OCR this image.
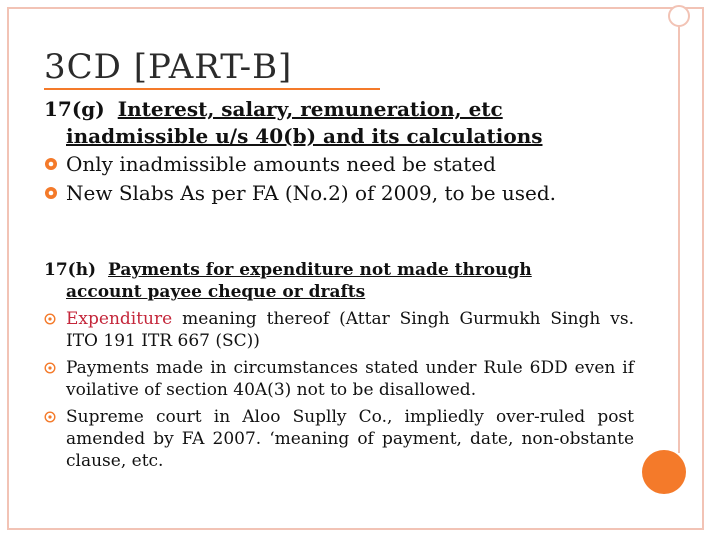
3CD [PART-B]
17(g) Interest, salary, remuneration, etc
inadmissible u/s 40(b) and its calculations
Only inadmissible amounts need be stated
New Slabs As per FA (No.2) of 2009, to be used.
17(h) Payments for expenditure not made through
account payee cheque or drafts
Expenditure meaning thereof (Attar Singh Gurmukh Singh vs. ITO 191 ITR 667 (SC))
Payments made in circumstances stated under Rule 6DD even if voilative of section 40A(3) not to be disallowed.
Supreme court in Aloo Suplly Co., impliedly over-ruled post amended by FA 2007. ‘meaning of payment, date, non-obstante clause, etc.
